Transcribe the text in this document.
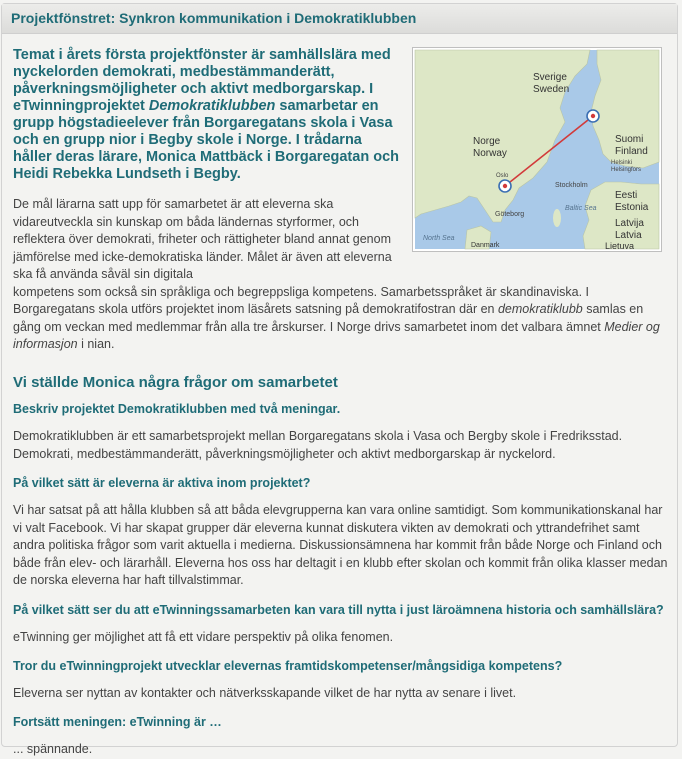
Projektfönstret: Synkron kommunikation i Demokratiklubben
Temat i årets första projektfönster är samhällslära med nyckelorden demokrati, medbestämmanderätt, påverkningsmöjligheter och aktivt medborgarskap. I eTwinningprojektet Demokratiklubben samarbetar en grupp högstadieelever från Borgaregatans skola i Vasa och en grupp nior i Begby skole i Norge. I trådarna håller deras lärare, Monica Mattbäck i Borgaregatan och Heidi Rebekka Lundseth i Begby.
Sverige
Sweden
Norge
Norway
Suomi
Finland
Helsinki
Helsingfors
Stockholm
Göteborg
Oslo
Eesti
Estonia
Latvija
Latvia
Lietuva
North Sea
Baltic Sea
Danmark
De mål lärarna satt upp för samarbetet är att eleverna ska vidareutveckla sin kunskap om båda ländernas styrformer, och reflektera över demokrati, friheter och rättigheter bland annat genom jämförelse med icke-demokratiska länder. Målet är även att eleverna ska få använda såväl sin digitala
kompetens som också sin språkliga och begreppsliga kompetens. Samarbetsspråket är skandinaviska. I Borgaregatans skola utförs projektet inom läsårets satsning på demokratifostran där en demokratiklubb samlas en gång om veckan med medlemmar från alla tre årskurser. I Norge drivs samarbetet inom det valbara ämnet Medier og informasjon i nian.
Vi ställde Monica några frågor om samarbetet
Beskriv projektet Demokratiklubben med två meningar.
Demokratiklubben är ett samarbetsprojekt mellan Borgaregatans skola i Vasa och Bergby skole i Fredriksstad. Demokrati, medbestämmanderätt, påverkningsmöjligheter och aktivt medborgarskap är nyckelord.
På vilket sätt är eleverna är aktiva inom projektet?
Vi har satsat på att hålla klubben så att båda elevgrupperna kan vara online samtidigt. Som kommunikationskanal har vi valt Facebook. Vi har skapat grupper där eleverna kunnat diskutera vikten av demokrati och yttrandefrihet samt andra politiska frågor som varit aktuella i medierna. Diskussionsämnena har kommit från både Norge och Finland och både från elev- och lärarhåll. Eleverna hos oss har deltagit i en klubb efter skolan och kommit från olika klasser medan de norska eleverna har haft tillvalstimmar.
På vilket sätt ser du att eTwinningssamarbeten kan vara till nytta i just läroämnena historia och samhällslära?
eTwinning ger möjlighet att få ett vidare perspektiv på olika fenomen.
Tror du eTwinningprojekt utvecklar elevernas framtidskompetenser/mångsidiga kompetens?
Eleverna ser nyttan av kontakter och nätverksskapande vilket de har nytta av senare i livet.
Fortsätt meningen: eTwinning är …
... spännande.
